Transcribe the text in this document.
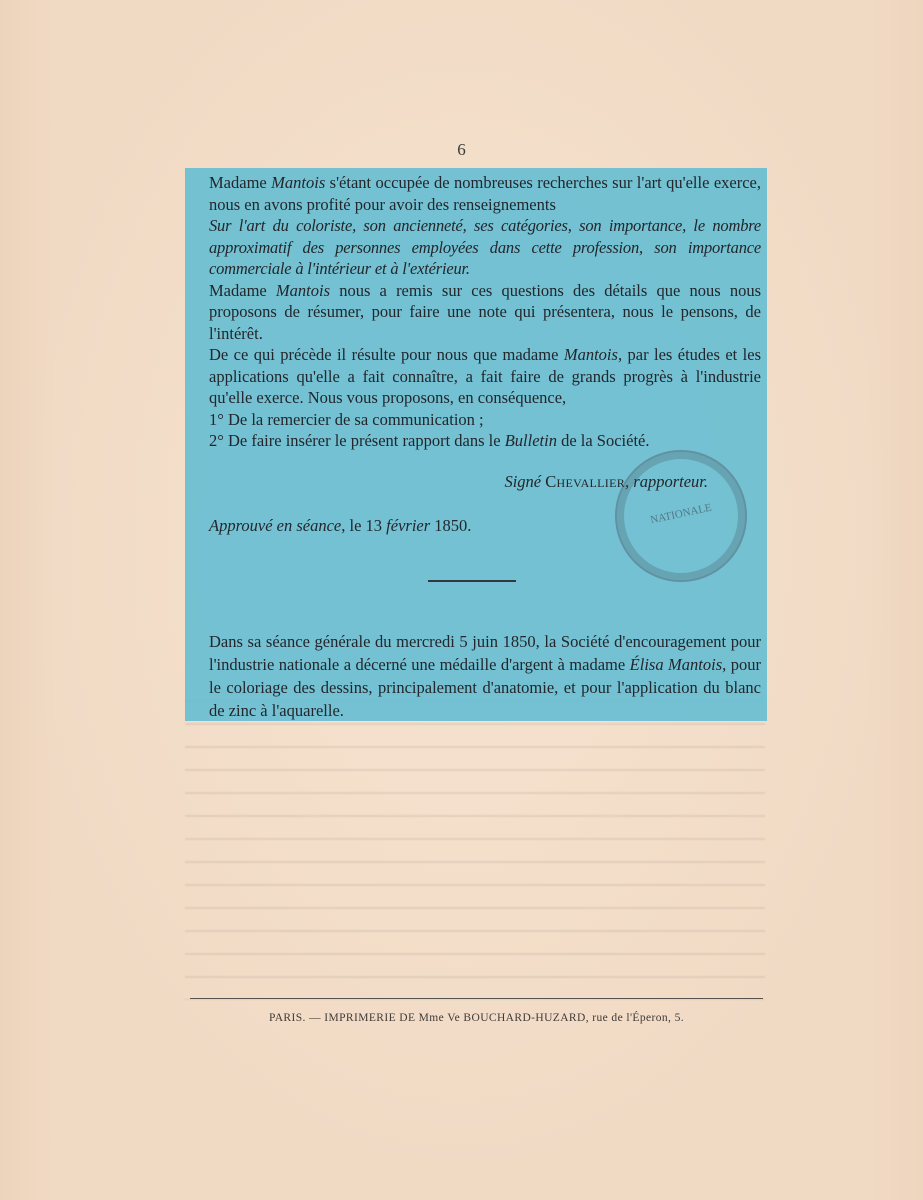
6

Madame Mantois s'étant occupée de nombreuses recherches sur l'art qu'elle exerce, nous en avons profité pour avoir des renseignements

Sur l'art du coloriste, son ancienneté, ses catégories, son importance, le nombre approximatif des personnes employées dans cette profession, son importance commerciale à l'intérieur et à l'extérieur.

Madame Mantois nous a remis sur ces questions des détails que nous nous proposons de résumer, pour faire une note qui présentera, nous le pensons, de l'intérêt.

De ce qui précède il résulte pour nous que madame Mantois, par les études et les applications qu'elle a fait connaître, a fait faire de grands progrès à l'industrie qu'elle exerce. Nous vous proposons, en conséquence,

1° De la remercier de sa communication ;

2° De faire insérer le présent rapport dans le Bulletin de la Société.

Signé Chevallier, rapporteur.
NATIONALE
Approuvé en séance, le 13 février 1850.

Dans sa séance générale du mercredi 5 juin 1850, la Société d'encouragement pour l'industrie nationale a décerné une médaille d'argent à madame Élisa Mantois, pour le coloriage des dessins, principalement d'anatomie, et pour l'application du blanc de zinc à l'aquarelle.

PARIS. — IMPRIMERIE DE Mme Ve BOUCHARD-HUZARD, rue de l'Éperon, 5.
